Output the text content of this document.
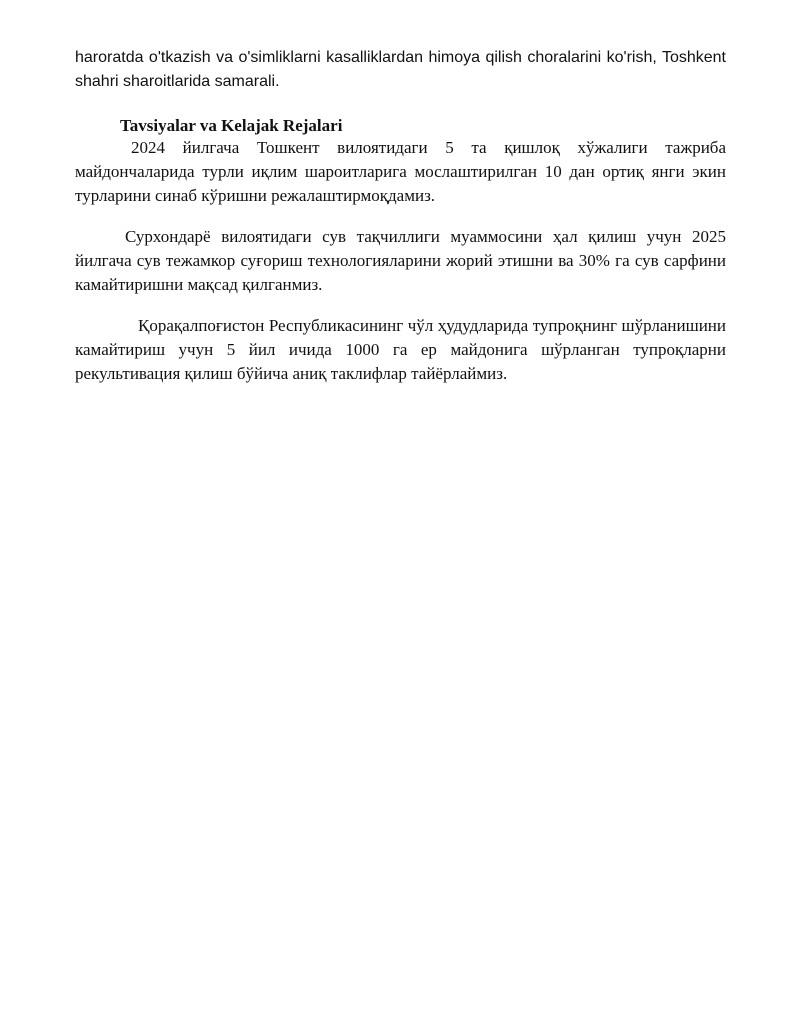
haroratda o'tkazish va o'simliklarni kasalliklardan himoya qilish choralarini ko'rish, Toshkent shahri sharoitlarida samarali.

Tavsiyalar va Kelajak Rejalari

2024 йилгача Тошкент вилоятидаги 5 та қишлоқ хўжалиги тажриба майдончаларида турли иқлим шароитларига мослаштирилган 10 дан ортиқ янги экин турларини синаб кўришни режалаштирмоқдамиз.

Сурхондарё вилоятидаги сув тақчиллиги муаммосини ҳал қилиш учун 2025 йилгача сув тежамкор суғориш технологияларини жорий этишни ва 30% га сув сарфини камайтиришни мақсад қилганмиз.

Қорақалпоғистон Республикасининг чўл ҳудудларида тупроқнинг шўрланишини камайтириш учун 5 йил ичида 1000 га ер майдонига шўрланган тупроқларни рекультивация қилиш бўйича аниқ таклифлар тайёрлаймиз.
